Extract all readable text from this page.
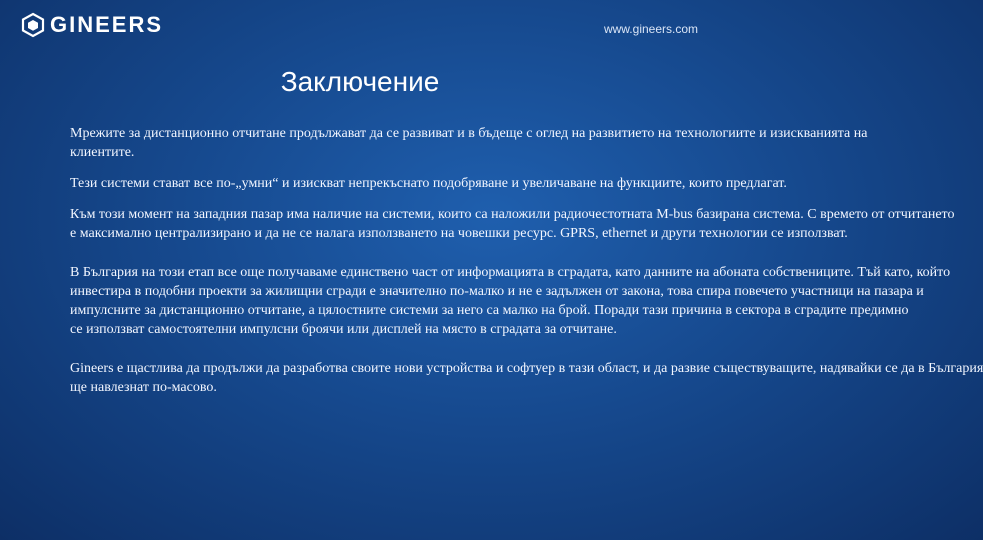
GINEERS	www.gineers.com
Заключение

Мрежите за дистанционно отчитане продължават да се развиват и в бъдеще с оглед на развитието на технологиите и изискванията на
клиентите.

Тези системи стават все по-„умни“ и изискват непрекъснато подобряване и увеличаване на функциите, които предлагат.

Към този момент на западния пазар има наличие на системи, които са наложили радиочестотната M-bus базирана система. С времето от отчитането
е максимално централизирано и да не се налага използването на човешки ресурс. GPRS, ethernet и други технологии се използват.

В България на този етап все още получаваме единствено част от информацията в сградата, като данните на абоната собствениците. Тъй като, който
инвестира в подобни проекти за жилищни сгради е значително по-малко и не е задължен от закона, това спира повечето участници на пазара и
импулсните за дистанционно отчитане, а цялостните системи за него са малко на брой. Поради тази причина в сектора в сградите предимно
се използват самостоятелни импулсни броячи или дисплей на място в сградата за отчитане.

Gineers е щастлива да продължи да разработва своите нови устройства и софтуер в тази област, и да развие съществуващите, надявайки се да в България
ще навлезнат по-масово.
